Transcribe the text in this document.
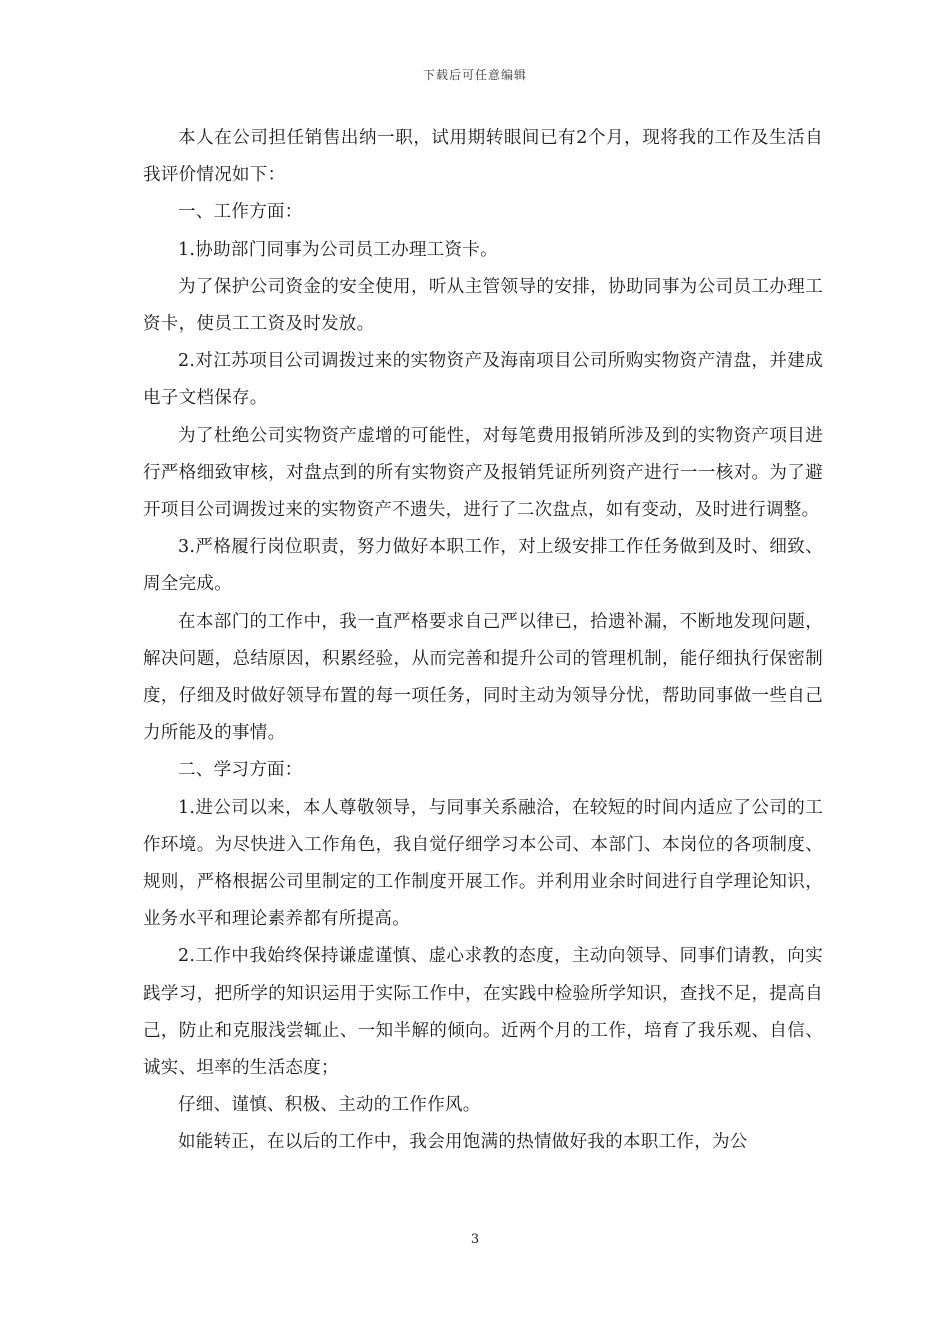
下载后可任意编辑

本人在公司担任销售出纳一职，试用期转眼间已有2个月，现将我的工作及生活自我评价情况如下：

一、工作方面：

1.协助部门同事为公司员工办理工资卡。

为了保护公司资金的安全使用，听从主管领导的安排，协助同事为公司员工办理工资卡，使员工工资及时发放。

2.对江苏项目公司调拨过来的实物资产及海南项目公司所购实物资产清盘，并建成电子文档保存。

为了杜绝公司实物资产虚增的可能性，对每笔费用报销所涉及到的实物资产项目进行严格细致审核，对盘点到的所有实物资产及报销凭证所列资产进行一一核对。为了避开项目公司调拨过来的实物资产不遗失，进行了二次盘点，如有变动，及时进行调整。

3.严格履行岗位职责，努力做好本职工作，对上级安排工作任务做到及时、细致、周全完成。

在本部门的工作中，我一直严格要求自己严以律已，拾遗补漏，不断地发现问题，解决问题，总结原因，积累经验，从而完善和提升公司的管理机制，能仔细执行保密制度，仔细及时做好领导布置的每一项任务，同时主动为领导分忧，帮助同事做一些自己力所能及的事情。

二、学习方面：

1.进公司以来，本人尊敬领导，与同事关系融洽，在较短的时间内适应了公司的工作环境。为尽快进入工作角色，我自觉仔细学习本公司、本部门、本岗位的各项制度、规则，严格根据公司里制定的工作制度开展工作。并利用业余时间进行自学理论知识，业务水平和理论素养都有所提高。

2.工作中我始终保持谦虚谨慎、虚心求教的态度，主动向领导、同事们请教，向实践学习，把所学的知识运用于实际工作中，在实践中检验所学知识，查找不足，提高自己，防止和克服浅尝辄止、一知半解的倾向。近两个月的工作，培育了我乐观、自信、诚实、坦率的生活态度；

仔细、谨慎、积极、主动的工作作风。

如能转正，在以后的工作中，我会用饱满的热情做好我的本职工作，为公

3
